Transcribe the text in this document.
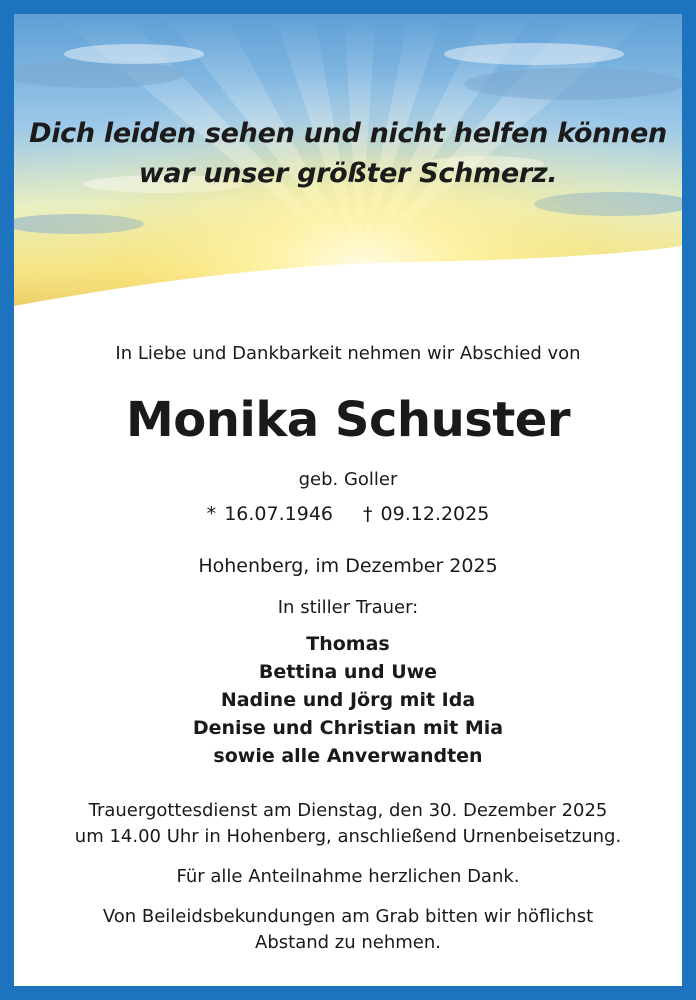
Dich leiden sehen und nicht helfen können
war unser größter Schmerz.
In Liebe und Dankbarkeit nehmen wir Abschied von
Monika Schuster
geb. Goller
* 16.07.1946 † 09.12.2025
Hohenberg, im Dezember 2025
In stiller Trauer:
Thomas
Bettina und Uwe
Nadine und Jörg mit Ida
Denise und Christian mit Mia
sowie alle Anverwandten
Trauergottesdienst am Dienstag, den 30. Dezember 2025
um 14.00 Uhr in Hohenberg, anschließend Urnenbeisetzung.
Für alle Anteilnahme herzlichen Dank.
Von Beileidsbekundungen am Grab bitten wir höflichst
Abstand zu nehmen.
